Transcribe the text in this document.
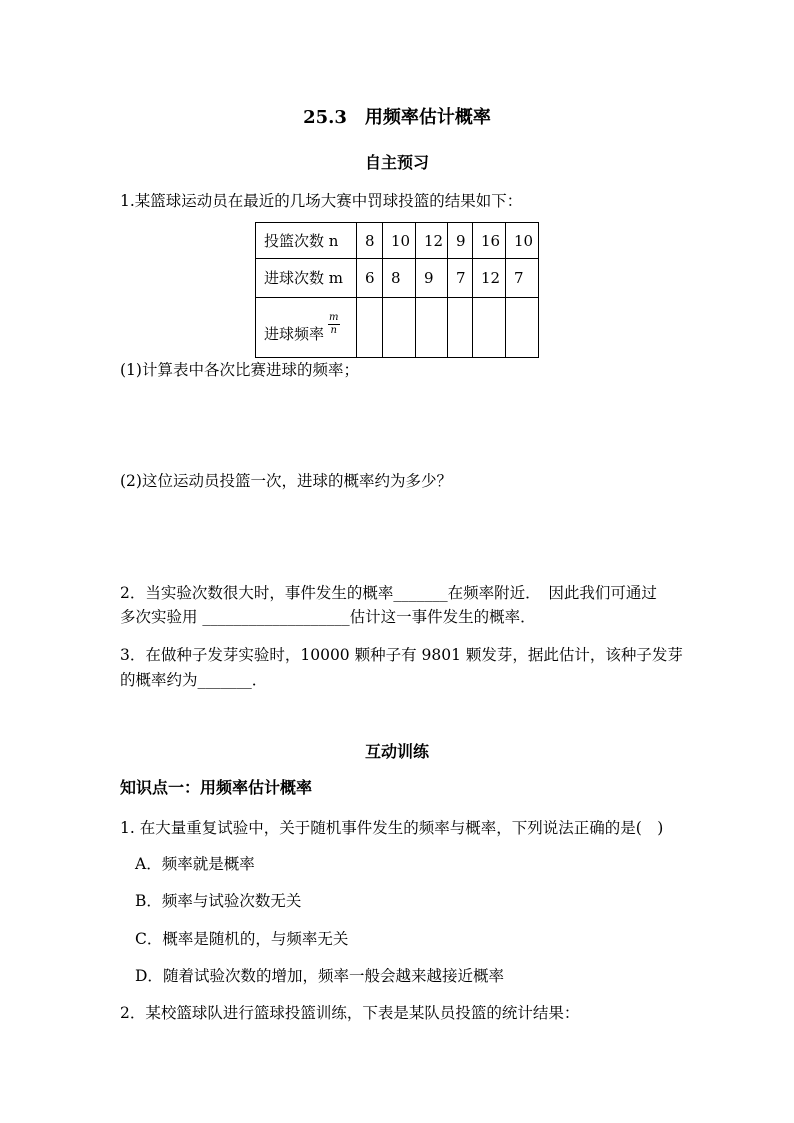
25.3　用频率估计概率
自主预习
1.某篮球运动员在最近的几场大赛中罚球投篮的结果如下：
投篮次数 n	8	10	12	9	16	10
进球次数 m	6	8	9	7	12	7
进球频率 $\frac{m}{n}$

(1)计算表中各次比赛进球的频率；
(2)这位运动员投篮一次，进球的概率约为多少？
2．当实验次数很大时，事件发生的概率_______在频率附近．　因此我们可通过
多次实验用 ___________________估计这一事件发生的概率．
3．在做种子发芽实验时，10000 颗种子有 9801 颗发芽，据此估计，该种子发芽
的概率约为_______．
互动训练
知识点一：用频率估计概率
1. 在大量重复试验中，关于随机事件发生的频率与概率，下列说法正确的是(　)
A．频率就是概率
B．频率与试验次数无关
C．概率是随机的，与频率无关
D．随着试验次数的增加，频率一般会越来越接近概率
2．某校篮球队进行篮球投篮训练，下表是某队员投篮的统计结果：
